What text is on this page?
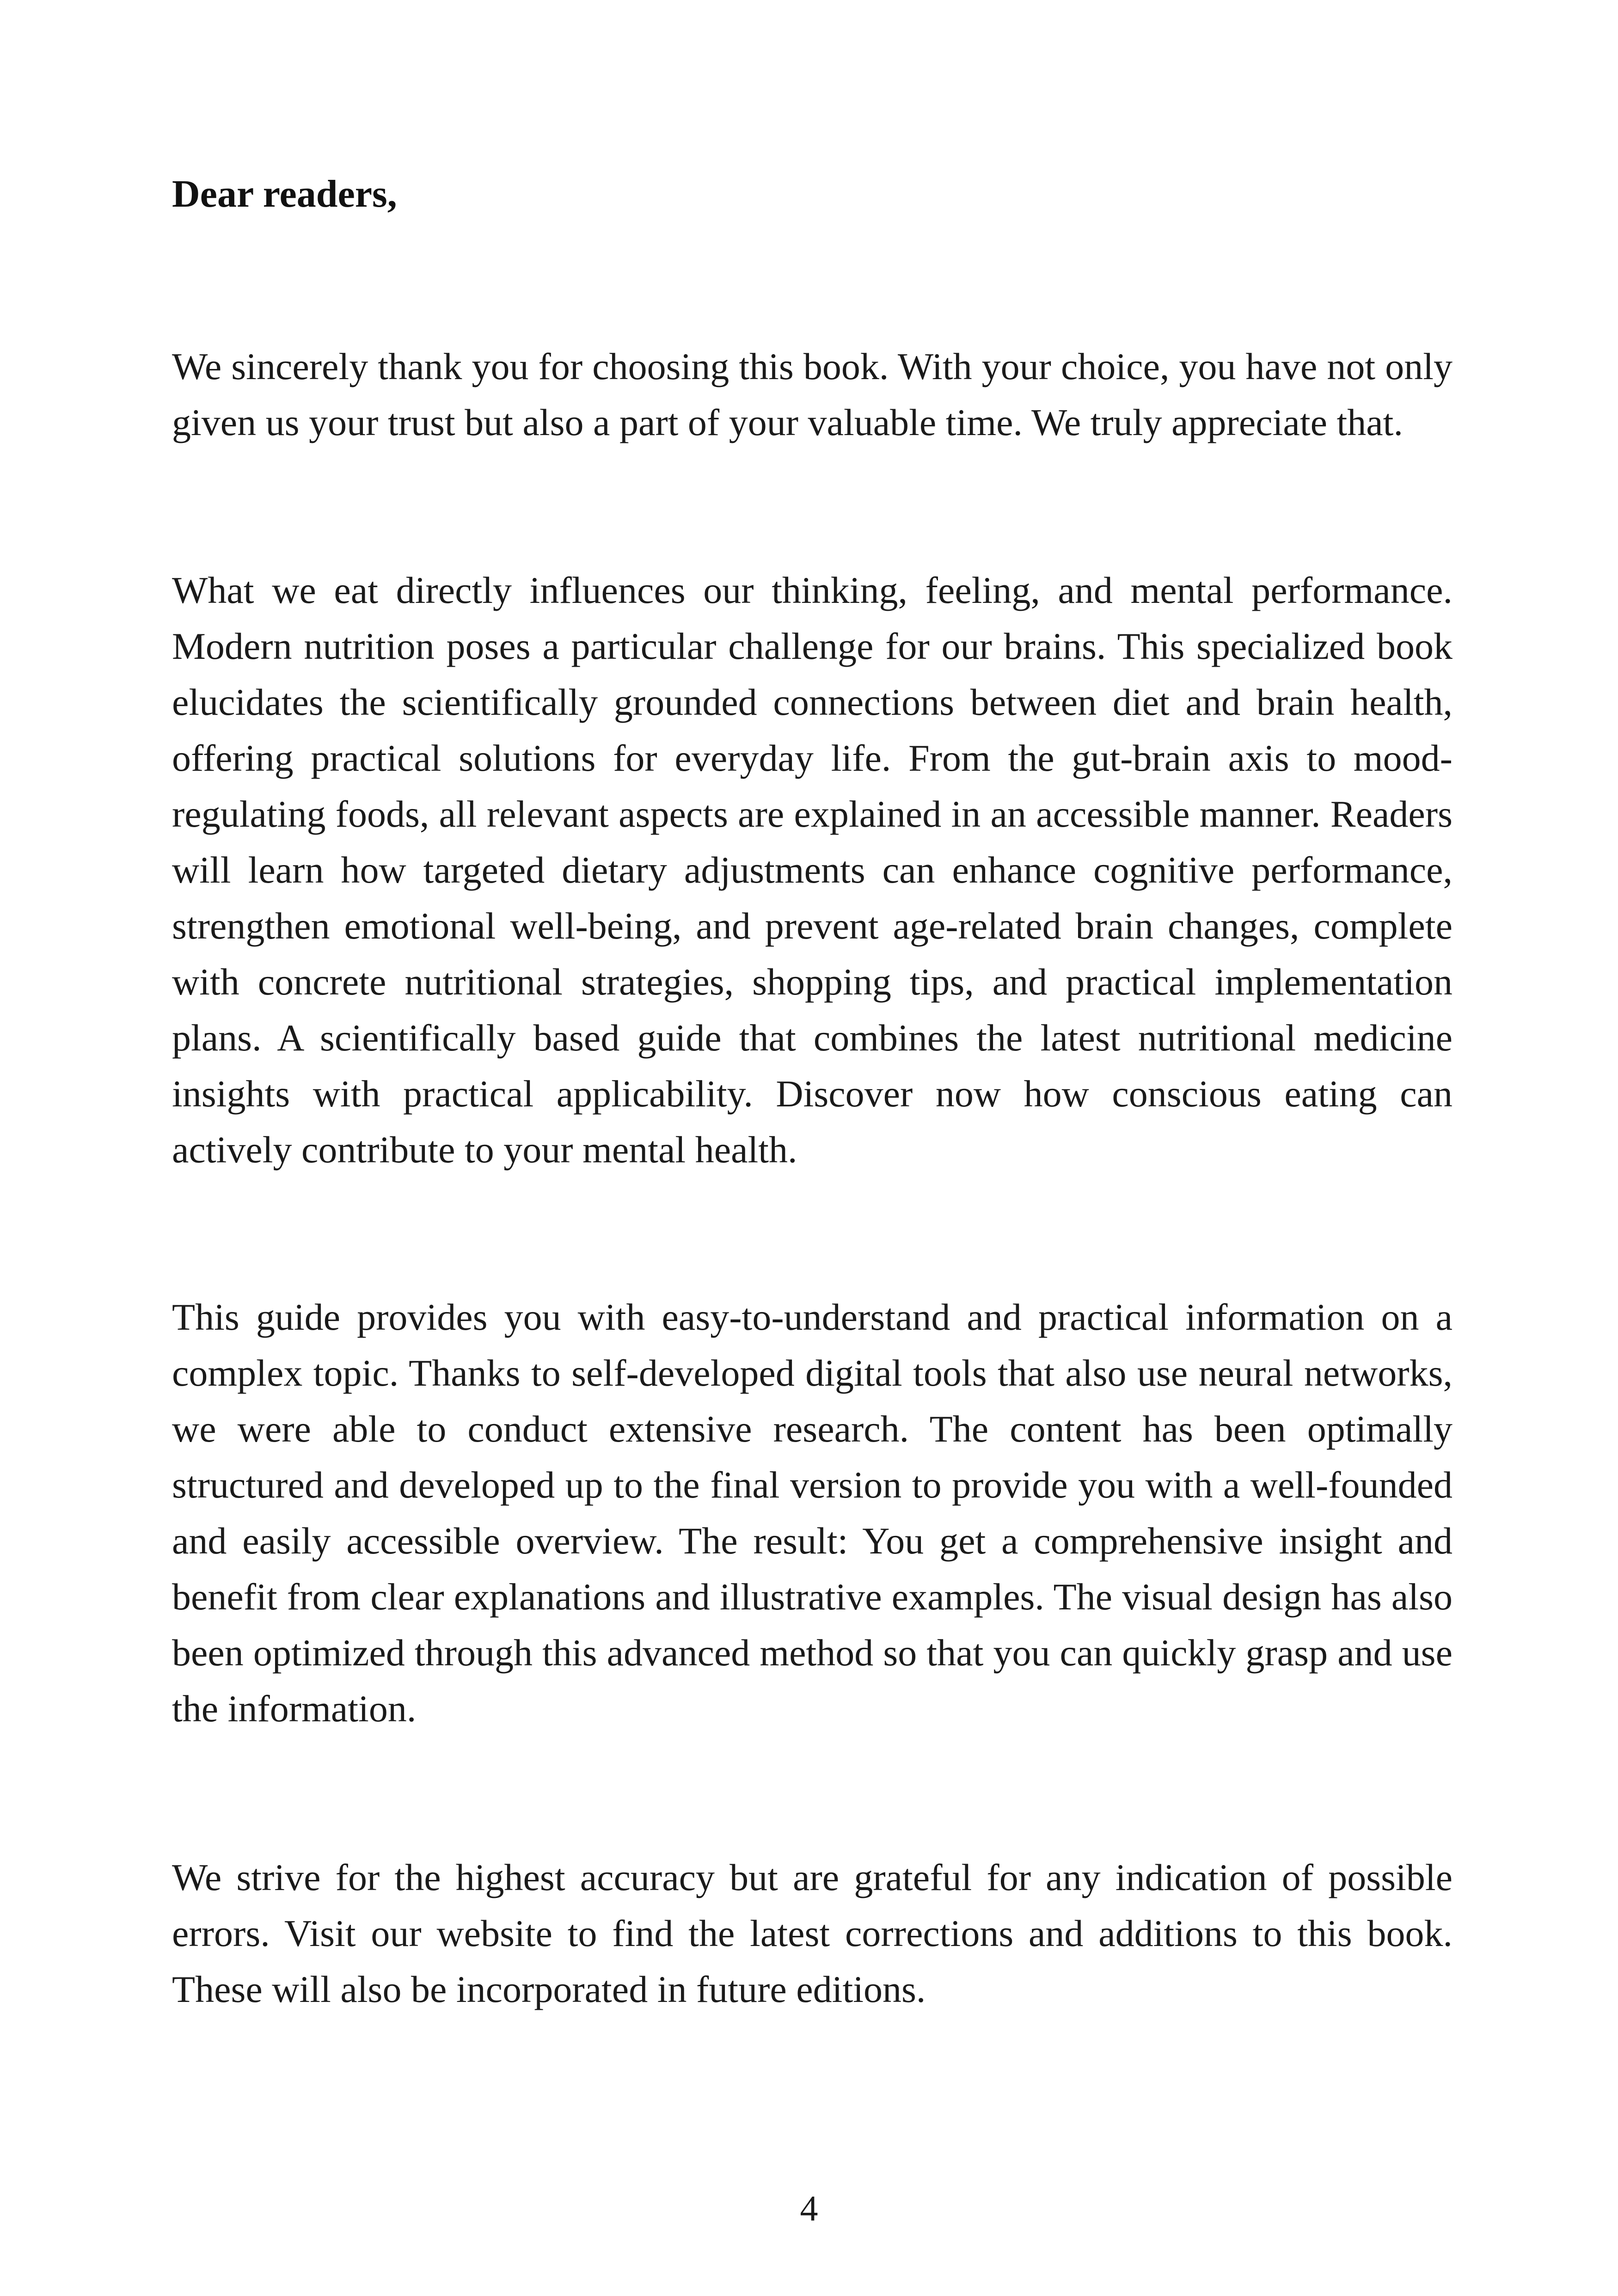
Dear readers,

We sincerely thank you for choosing this book. With your choice, you have not only given us your trust but also a part of your valuable time. We truly appreciate that.

What we eat directly influences our thinking, feeling, and mental performance. Modern nutrition poses a particular challenge for our brains. This specialized book elucidates the scientifically grounded connections between diet and brain health, offering practical solutions for everyday life. From the gut-brain axis to mood-regulating foods, all relevant aspects are explained in an accessible manner. Readers will learn how targeted dietary adjustments can enhance cognitive performance, strengthen emotional well-being, and prevent age-related brain changes, complete with concrete nutritional strategies, shopping tips, and practical implementation plans. A scientifically based guide that combines the latest nutritional medicine insights with practical applicability. Discover now how conscious eating can actively contribute to your mental health.

This guide provides you with easy-to-understand and practical information on a complex topic. Thanks to self-developed digital tools that also use neural networks, we were able to conduct extensive research. The content has been optimally structured and developed up to the final version to provide you with a well-founded and easily accessible overview. The result: You get a comprehensive insight and benefit from clear explanations and illustrative examples. The visual design has also been optimized through this advanced method so that you can quickly grasp and use the information.

We strive for the highest accuracy but are grateful for any indication of possible errors. Visit our website to find the latest corrections and additions to this book. These will also be incorporated in future editions.

4
